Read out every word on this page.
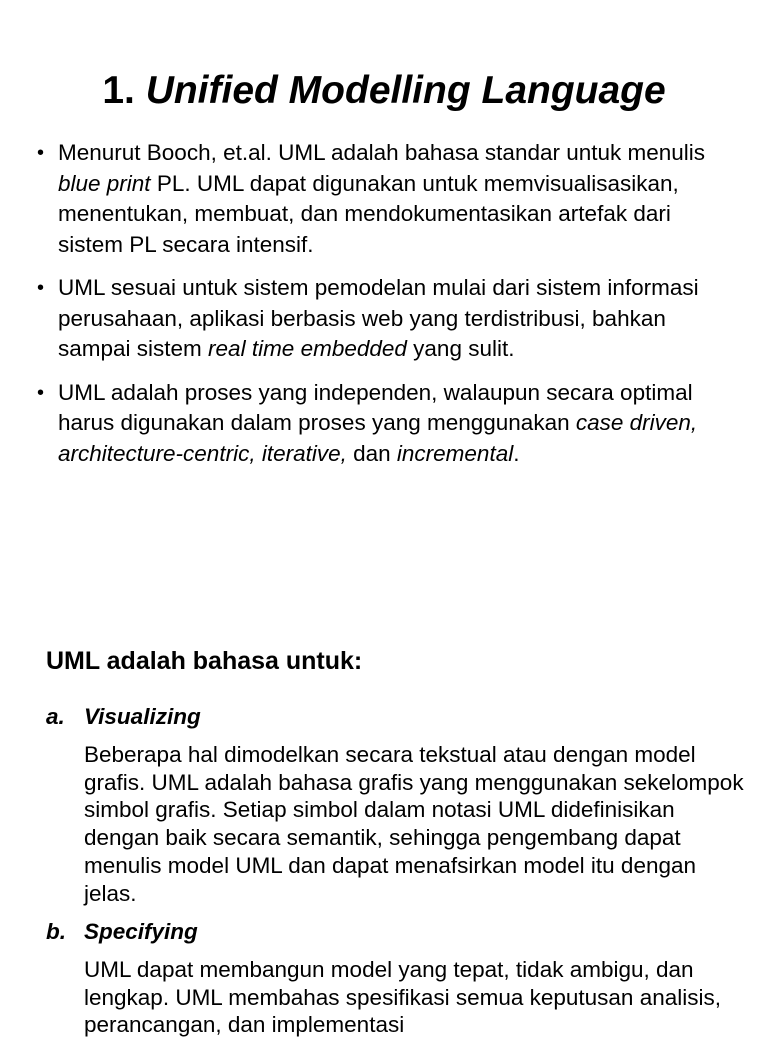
1. Unified Modelling Language
• Menurut Booch, et.al. UML adalah bahasa standar untuk menulis blue print PL. UML dapat digunakan untuk memvisualisasikan, menentukan, membuat, dan mendokumentasikan artefak dari sistem PL secara intensif.
• UML sesuai untuk sistem pemodelan mulai dari sistem informasi perusahaan, aplikasi berbasis web yang terdistribusi, bahkan sampai sistem real time embedded yang sulit.
• UML adalah proses yang independen, walaupun secara optimal harus digunakan dalam proses yang menggunakan case driven, architecture-centric, iterative, dan incremental.
UML adalah bahasa untuk:

a. Visualizing

Beberapa hal dimodelkan secara tekstual atau dengan model grafis. UML adalah bahasa grafis yang menggunakan sekelompok simbol grafis. Setiap simbol dalam notasi UML didefinisikan dengan baik secara semantik, sehingga pengembang dapat menulis model UML dan dapat menafsirkan model itu dengan jelas.

b. Specifying

UML dapat membangun model yang tepat, tidak ambigu, dan lengkap. UML membahas spesifikasi semua keputusan analisis, perancangan, dan implementasi
